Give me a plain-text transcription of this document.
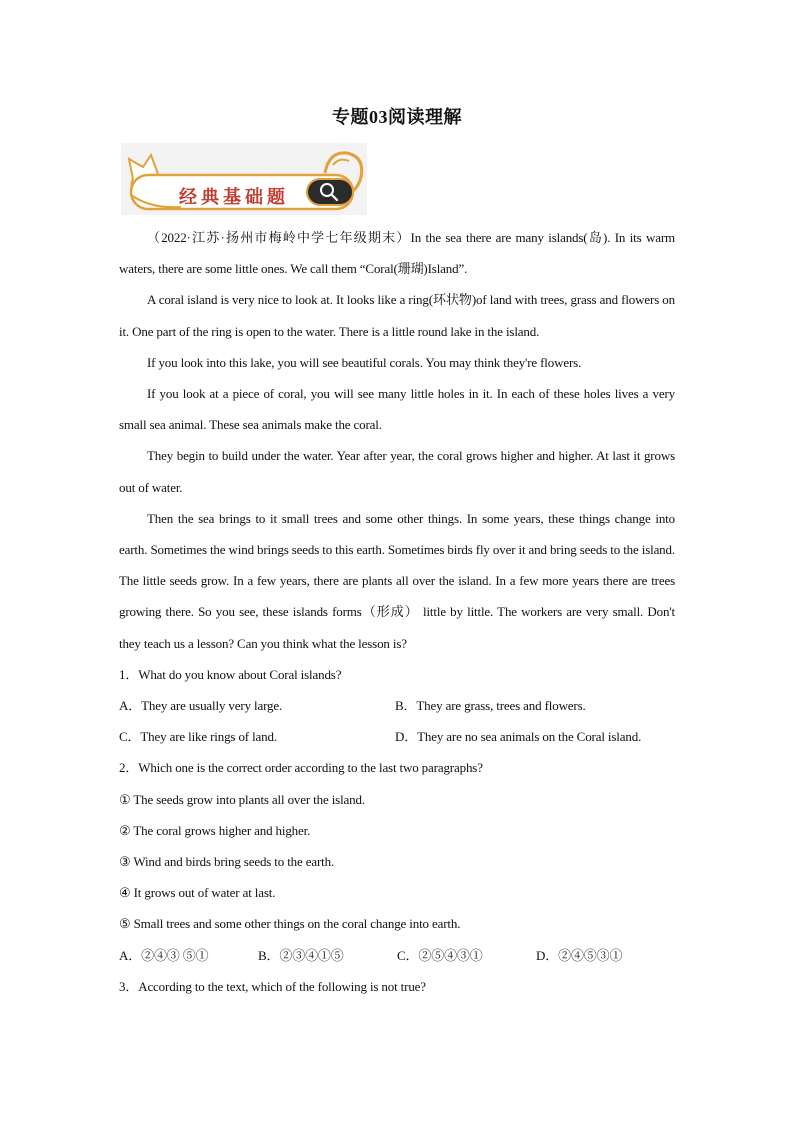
专题03阅读理解
经典基础题

（2022·江苏·扬州市梅岭中学七年级期末）In the sea there are many islands(岛). In its warm waters, there are some little ones. We call them “Coral(珊瑚)Island”.

A coral island is very nice to look at. It looks like a ring(环状物)of land with trees, grass and flowers on it. One part of the ring is open to the water. There is a little round lake in the island.

If you look into this lake, you will see beautiful corals. You may think they're flowers.

If you look at a piece of coral, you will see many little holes in it. In each of these holes lives a very small sea animal. These sea animals make the coral.

They begin to build under the water. Year after year, the coral grows higher and higher. At last it grows out of water.

Then the sea brings to it small trees and some other things. In some years, these things change into earth. Sometimes the wind brings seeds to this earth. Sometimes birds fly over it and bring seeds to the island. The little seeds grow. In a few years, there are plants all over the island. In a few more years there are trees growing there. So you see, these islands forms（形成） little by little. The workers are very small. Don't they teach us a lesson? Can you think what the lesson is?

1．What do you know about Coral islands?

A．They are usually very large.	B．They are grass, trees and flowers.
C．They are like rings of land.	D．They are no sea animals on the Coral island.

2．Which one is the correct order according to the last two paragraphs?

① The seeds grow into plants all over the island.

② The coral grows higher and higher.

③ Wind and birds bring seeds to the earth.

④ It grows out of water at last.

⑤ Small trees and some other things on the coral change into earth.

A．②④③ ⑤①	B．②③④①⑤	C．②⑤④③①	D．②④⑤③①

3．According to the text, which of the following is not true?
